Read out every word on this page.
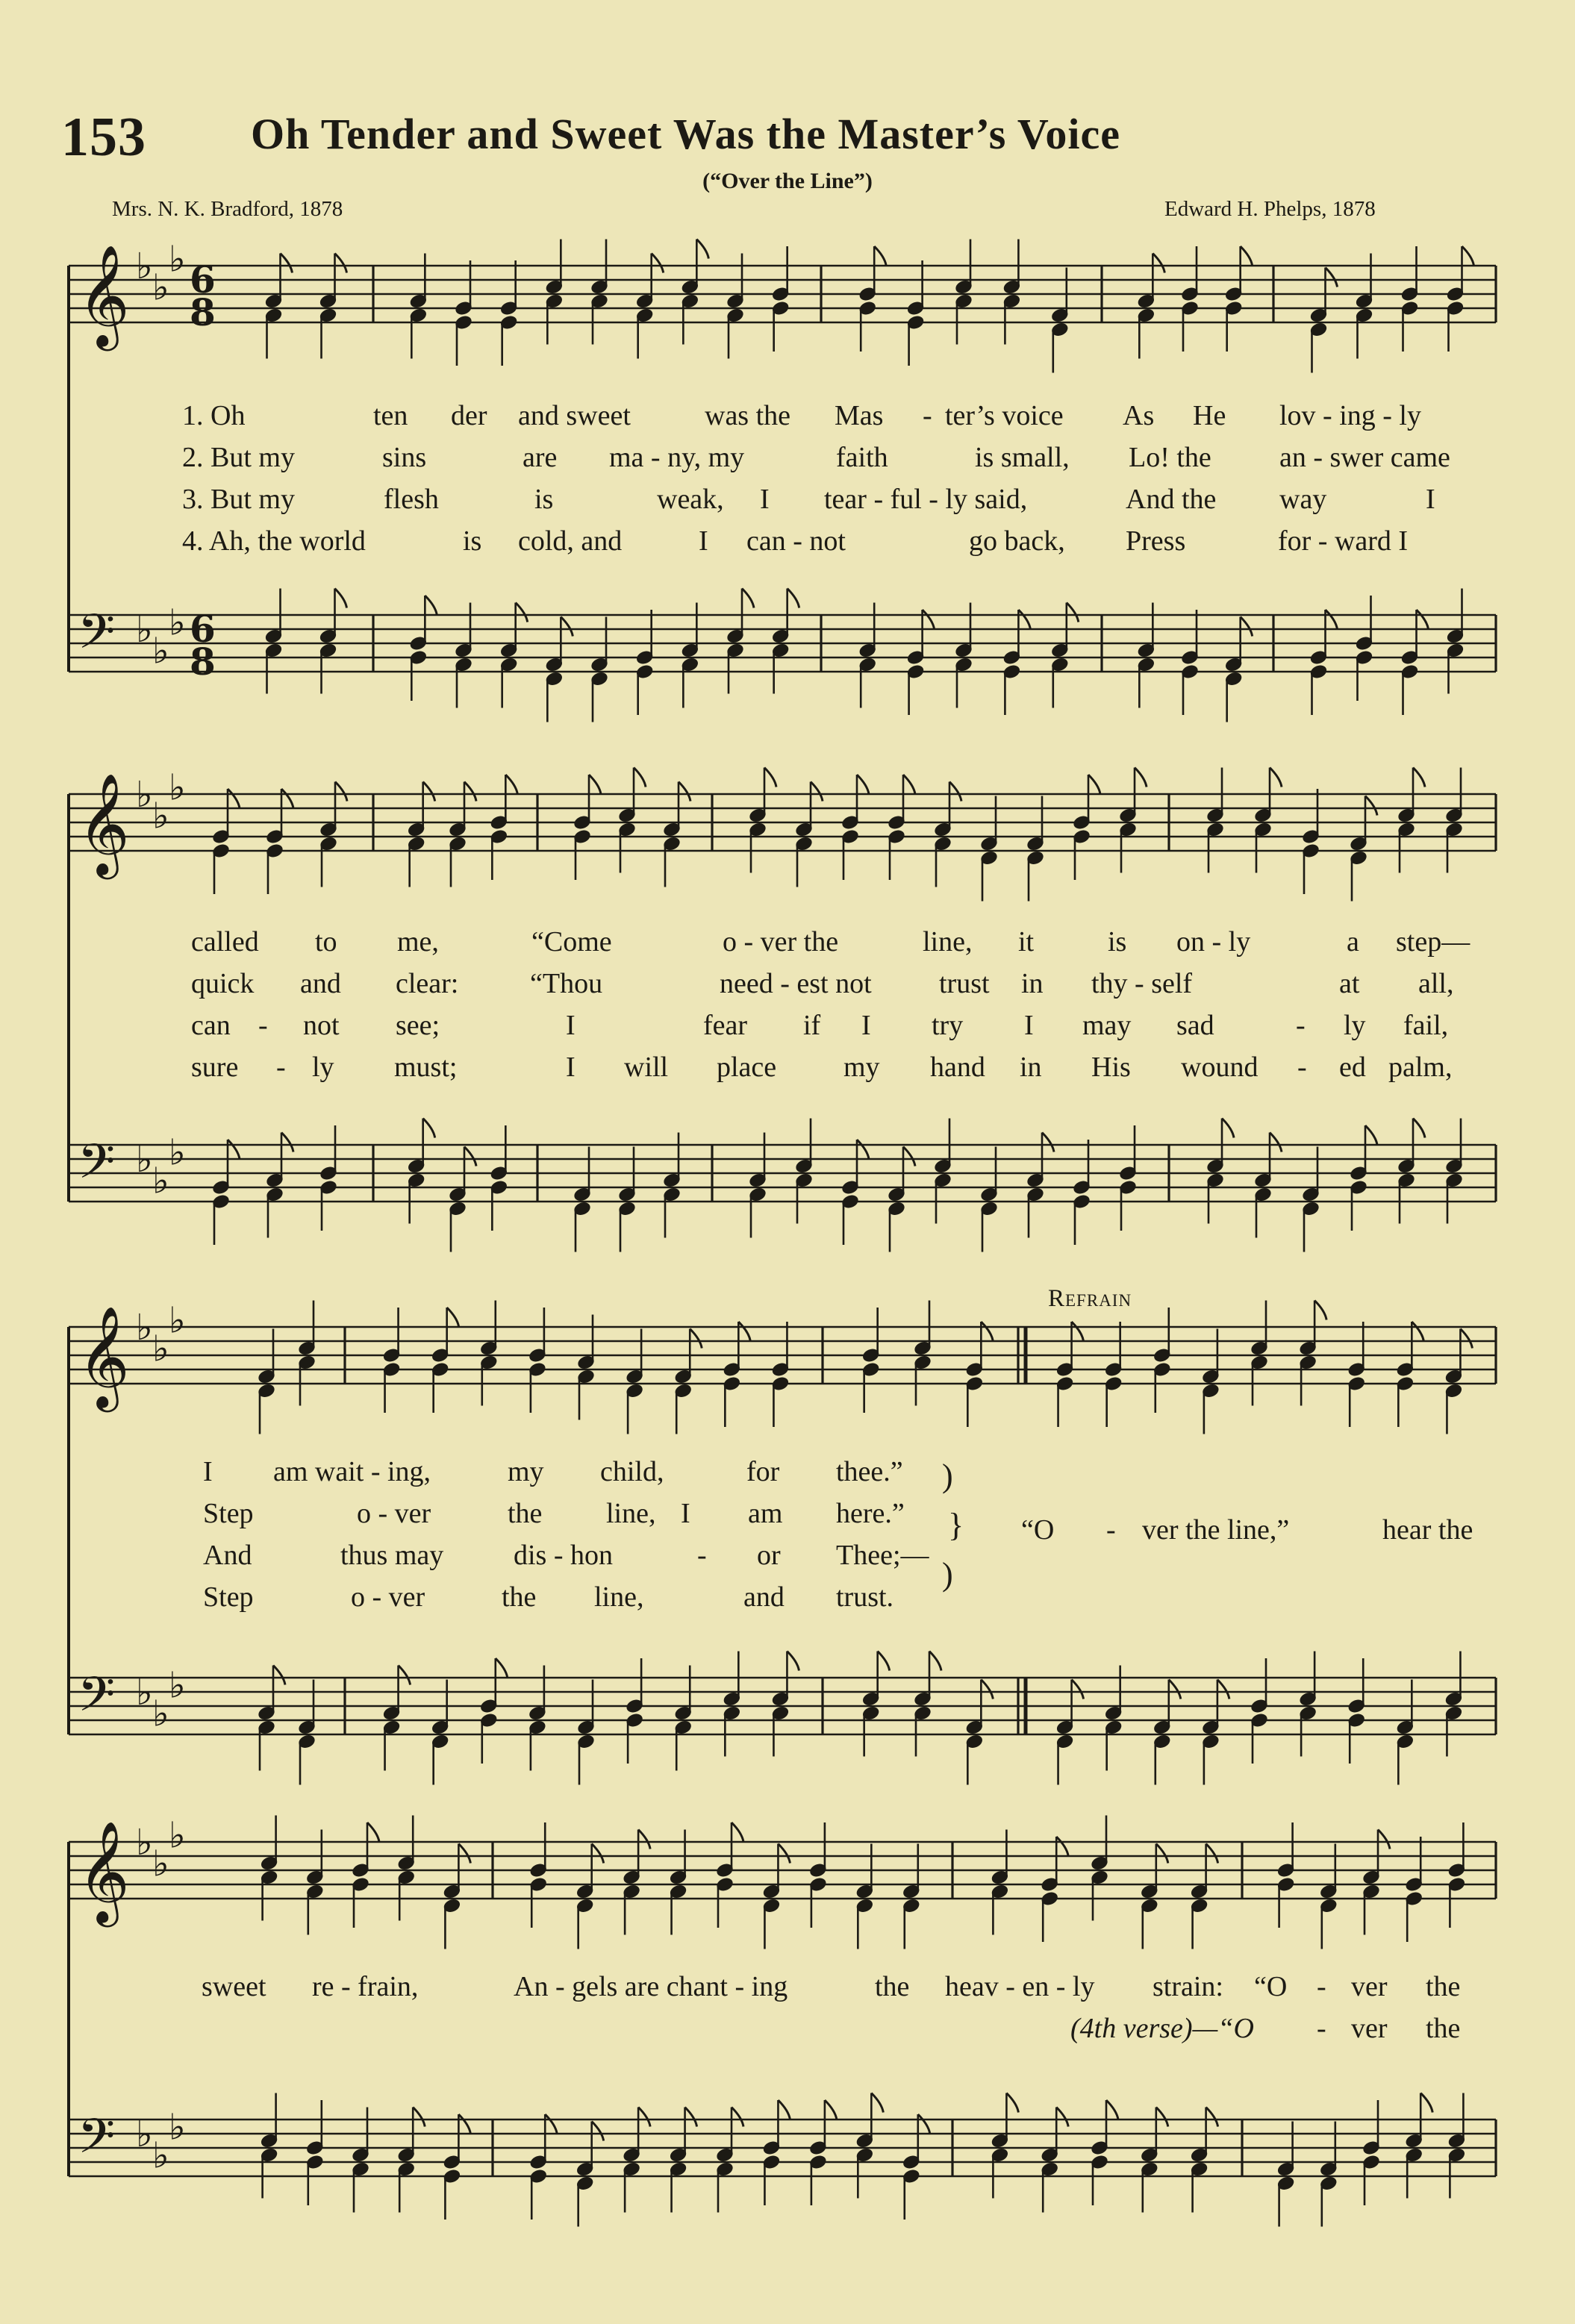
153 Oh Tender and Sweet Was the Master’s Voice
(“Over the Line”)
Mrs. N. K. Bradford, 1878	Edward H. Phelps, 1878
𝄞 ♭
♭
♭ 6
8
𝄢 ♭
♭
♭ 6
8
𝄞 ♭
♭
♭
𝄢 ♭
♭
♭
𝄞 ♭
♭
♭
𝄢 ♭
♭
♭
𝄞 ♭
♭
♭
𝄢 ♭
♭
♭
1. Oh	ten der and sweet	was the Mas - ter’s voice As He lov - ing - ly
2. But my	sins	are ma - ny, my	faith	is small, Lo! the an - swer came
3. But my	flesh	is	weak, I tear - ful - ly said,	And the way	I
4. Ah, the world	is cold, and	I can - not	go back, Press	for - ward I
called to me,	“Come	o - ver the	line, it	is on - ly	a step—
quick and clear:	“Thou	need - est not trust in thy - self	at all,
can - not see;	I	fear if I try I may sad	- ly fail,
sure - ly must;	I will place my hand in His wound - ed palm,
Refrain
I am wait - ing,	my child,	for thee.”
Step	o - ver	the line, I am here.”
And	thus may dis - hon	- or Thee;—
Step	o - ver	the line,	and trust.
)
}
)
“O - ver the line,”	hear the
sweet re - frain,	An - gels are chant - ing	the heav - en - ly strain: “O - ver the
(4th verse)—“O - ver the
